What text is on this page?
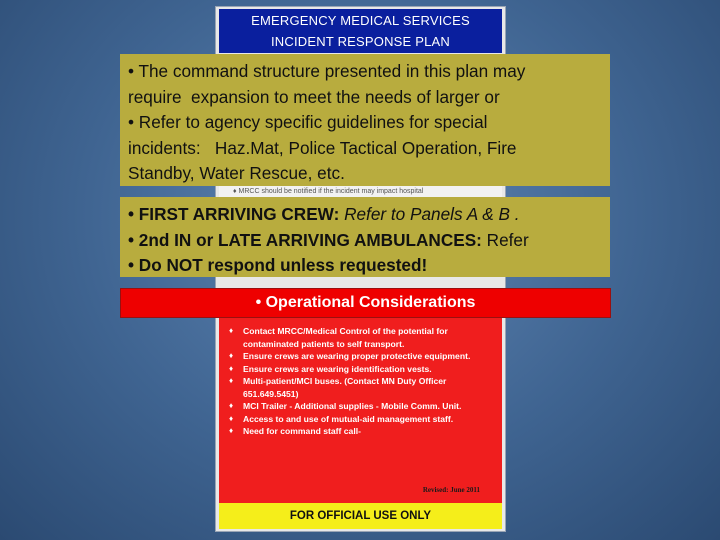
EMERGENCY MEDICAL SERVICES
INCIDENT RESPONSE PLAN
♦ MRCC should be notified if the incident may impact hospital
♦ Contact MRCC/Medical Control of the potential for contaminated patients to self transport.
♦ Ensure crews are wearing proper protective equipment.
♦ Ensure crews are wearing identification vests.
♦ Multi-patient/MCI buses. (Contact MN Duty Officer 651.649.5451)
♦ MCI Trailer - Additional supplies - Mobile Comm. Unit.
♦ Access to and use of mutual-aid management staff.
♦ Need for command staff call-
Revised: June 2011
FOR OFFICIAL USE ONLY

• The command structure presented in this plan may

require  expansion to meet the needs of larger or

• Refer to agency specific guidelines for special

incidents:   Haz.Mat, Police Tactical Operation, Fire

Standby, Water Rescue, etc.

• FIRST ARRIVING CREW: Refer to Panels A & B .

• 2nd IN or LATE ARRIVING AMBULANCES: Refer

• Do NOT respond unless requested!

• Operational Considerations
